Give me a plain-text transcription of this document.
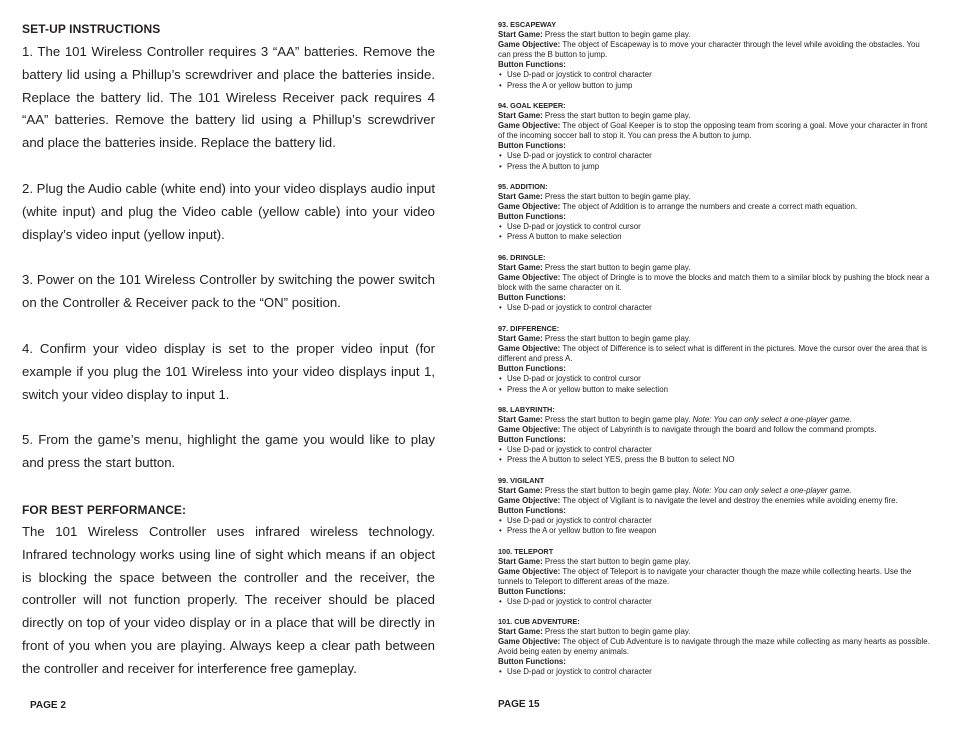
SET-UP INSTRUCTIONS

1. The 101 Wireless Controller requires 3 “AA” batteries. Remove the battery lid using a Phillup’s screwdriver and place the batteries inside. Replace the battery lid. The 101 Wireless Receiver pack requires 4 “AA” batteries. Remove the battery lid using a Phillup’s screwdriver and place the batteries inside. Replace the battery lid.

2. Plug the Audio cable (white end) into your video displays audio input (white input) and plug the Video cable (yellow cable) into your video display’s video input (yellow input).

3. Power on the 101 Wireless Controller by switching the power switch on the Controller & Receiver pack to the “ON” position.

4. Confirm your video display is set to the proper video input (for example if you plug the 101 Wireless into your video displays input 1, switch your video display to input 1.

5. From the game’s menu, highlight the game you would like to play and press the start button.

FOR BEST PERFORMANCE:

The 101 Wireless Controller uses infrared wireless technology. Infrared technology works using line of sight which means if an object is blocking the space between the controller and the receiver, the controller will not function properly. The receiver should be placed directly on top of your video display or in a place that will be directly in front of you when you are playing. Always keep a clear path between the controller and receiver for interference free gameplay.

PAGE 2
93. ESCAPEWAY
Start Game: Press the start button to begin game play.
Game Objective: The object of Escapeway is to move your character through the level while avoiding the obstacles. You can press the B button to jump.
Button Functions:
• Use D-pad or joystick to control character
• Press the A or yellow button to jump
94. GOAL KEEPER:
Start Game: Press the start button to begin game play.
Game Objective: The object of Goal Keeper is to stop the opposing team from scoring a goal. Move your character in front of the incoming soccer ball to stop it. You can press the A button to jump.
Button Functions:
• Use D-pad or joystick to control character
• Press the A button to jump
95. ADDITION:
Start Game: Press the start button to begin game play.
Game Objective: The object of Addition is to arrange the numbers and create a correct math equation.
Button Functions:
• Use D-pad or joystick to control cursor
• Press A button to make selection
96. DRINGLE:
Start Game: Press the start button to begin game play.
Game Objective: The object of Dringle is to move the blocks and match them to a similar block by pushing the block near a block with the same character on it.
Button Functions:
• Use D-pad or joystick to control character
97. DIFFERENCE:
Start Game: Press the start button to begin game play.
Game Objective: The object of Difference is to select what is different in the pictures. Move the cursor over the area that is different and press A.
Button Functions:
• Use D-pad or joystick to control cursor
• Press the A or yellow button to make selection
98. LABYRINTH:
Start Game: Press the start button to begin game play. Note: You can only select a one-player game.
Game Objective: The object of Labyrinth is to navigate through the board and follow the command prompts.
Button Functions:
• Use D-pad or joystick to control character
• Press the A button to select YES, press the B button to select NO
99. VIGILANT
Start Game: Press the start button to begin game play. Note: You can only select a one-player game.
Game Objective: The object of Vigilant is to navigate the level and destroy the enemies while avoiding enemy fire.
Button Functions:
• Use D-pad or joystick to control character
• Press the A or yellow button to fire weapon
100. TELEPORT
Start Game: Press the start button to begin game play.
Game Objective: The object of Teleport is to navigate your character though the maze while collecting hearts. Use the tunnels to Teleport to different areas of the maze.
Button Functions:
• Use D-pad or joystick to control character
101. CUB ADVENTURE:
Start Game: Press the start button to begin game play.
Game Objective: The object of Cub Adventure is to navigate through the maze while collecting as many hearts as possible. Avoid being eaten by enemy animals.
Button Functions:
• Use D-pad or joystick to control character
PAGE 15
